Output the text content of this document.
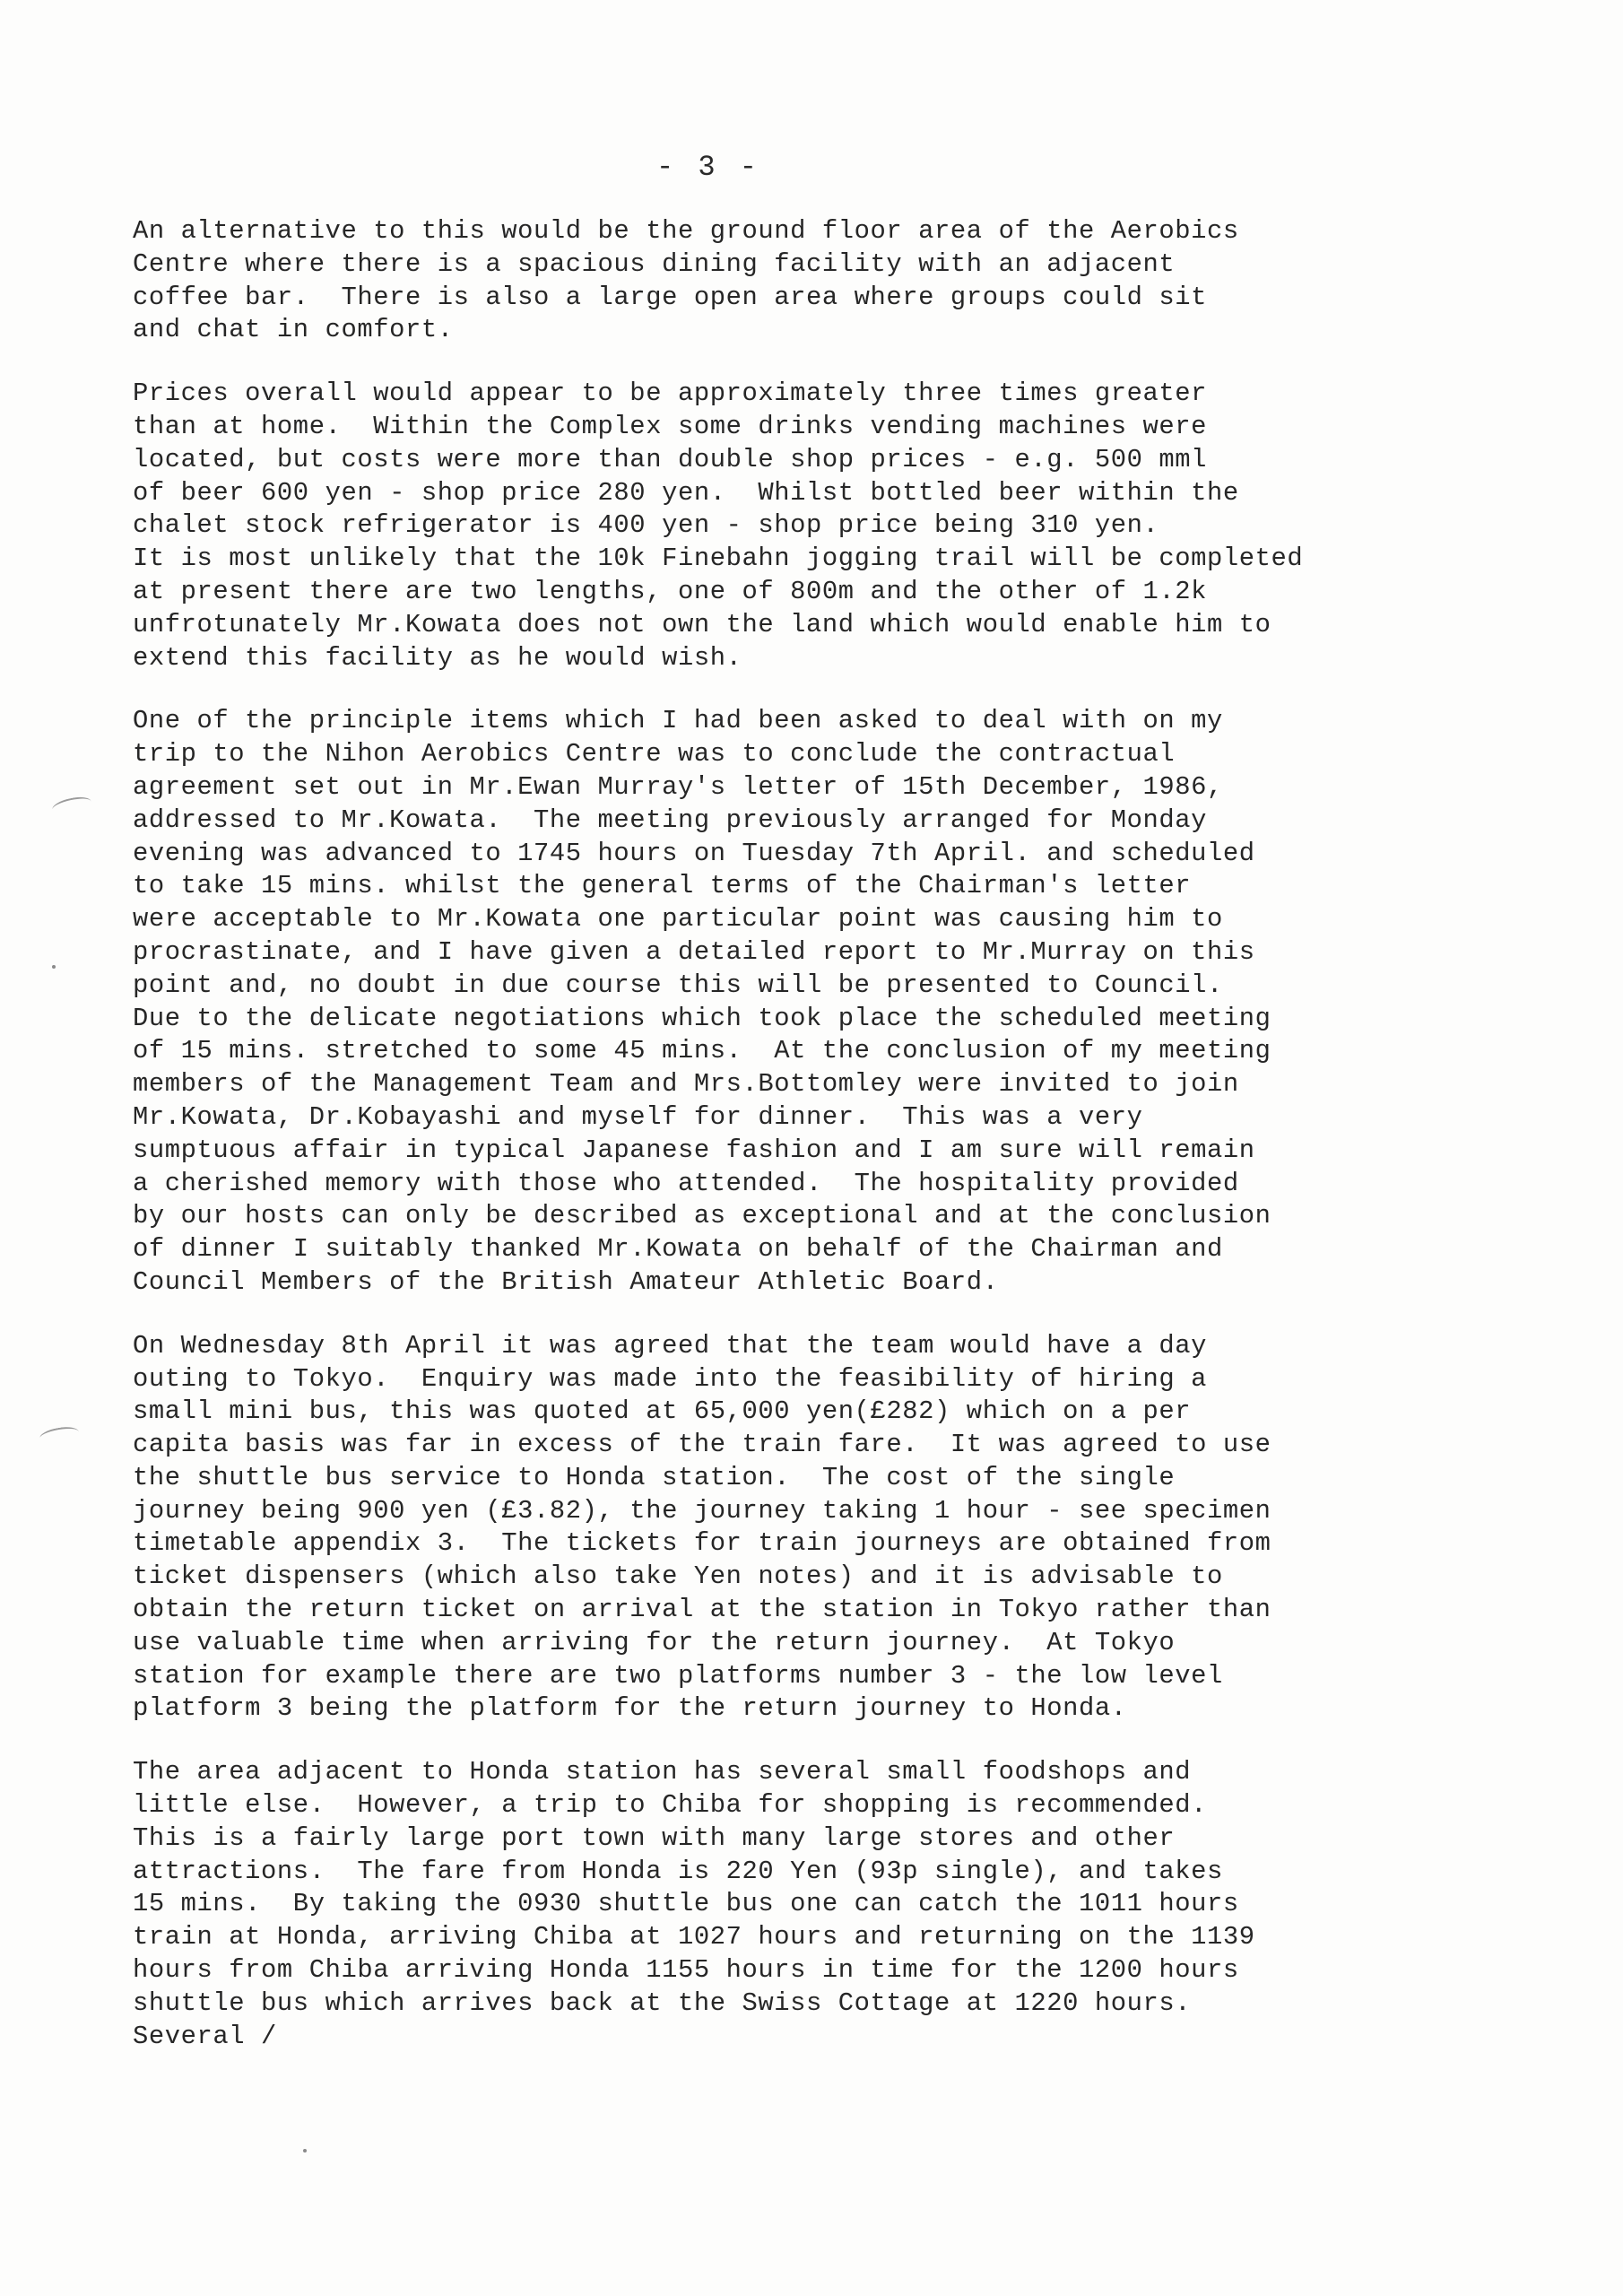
- 3 -
An alternative to this would be the ground floor area of the Aerobics
Centre where there is a spacious dining facility with an adjacent
coffee bar.  There is also a large open area where groups could sit
and chat in comfort.
Prices overall would appear to be approximately three times greater
than at home.  Within the Complex some drinks vending machines were
located, but costs were more than double shop prices - e.g. 500 mml
of beer 600 yen - shop price 280 yen.  Whilst bottled beer within the
chalet stock refrigerator is 400 yen - shop price being 310 yen.
It is most unlikely that the 10k Finebahn jogging trail will be completed
at present there are two lengths, one of 800m and the other of 1.2k
unfrotunately Mr.Kowata does not own the land which would enable him to
extend this facility as he would wish.
One of the principle items which I had been asked to deal with on my
trip to the Nihon Aerobics Centre was to conclude the contractual
agreement set out in Mr.Ewan Murray's letter of 15th December, 1986,
addressed to Mr.Kowata.  The meeting previously arranged for Monday
evening was advanced to 1745 hours on Tuesday 7th April. and scheduled
to take 15 mins. whilst the general terms of the Chairman's letter
were acceptable to Mr.Kowata one particular point was causing him to
procrastinate, and I have given a detailed report to Mr.Murray on this
point and, no doubt in due course this will be presented to Council.
Due to the delicate negotiations which took place the scheduled meeting
of 15 mins. stretched to some 45 mins.  At the conclusion of my meeting
members of the Management Team and Mrs.Bottomley were invited to join
Mr.Kowata, Dr.Kobayashi and myself for dinner.  This was a very
sumptuous affair in typical Japanese fashion and I am sure will remain
a cherished memory with those who attended.  The hospitality provided
by our hosts can only be described as exceptional and at the conclusion
of dinner I suitably thanked Mr.Kowata on behalf of the Chairman and
Council Members of the British Amateur Athletic Board.
On Wednesday 8th April it was agreed that the team would have a day
outing to Tokyo.  Enquiry was made into the feasibility of hiring a
small mini bus, this was quoted at 65,000 yen(£282) which on a per
capita basis was far in excess of the train fare.  It was agreed to use
the shuttle bus service to Honda station.  The cost of the single
journey being 900 yen (£3.82), the journey taking 1 hour - see specimen
timetable appendix 3.  The tickets for train journeys are obtained from
ticket dispensers (which also take Yen notes) and it is advisable to
obtain the return ticket on arrival at the station in Tokyo rather than
use valuable time when arriving for the return journey.  At Tokyo
station for example there are two platforms number 3 - the low level
platform 3 being the platform for the return journey to Honda.
The area adjacent to Honda station has several small foodshops and
little else.  However, a trip to Chiba for shopping is recommended.
This is a fairly large port town with many large stores and other
attractions.  The fare from Honda is 220 Yen (93p single), and takes
15 mins.  By taking the 0930 shuttle bus one can catch the 1011 hours
train at Honda, arriving Chiba at 1027 hours and returning on the 1139
hours from Chiba arriving Honda 1155 hours in time for the 1200 hours
shuttle bus which arrives back at the Swiss Cottage at 1220 hours.
Several /
